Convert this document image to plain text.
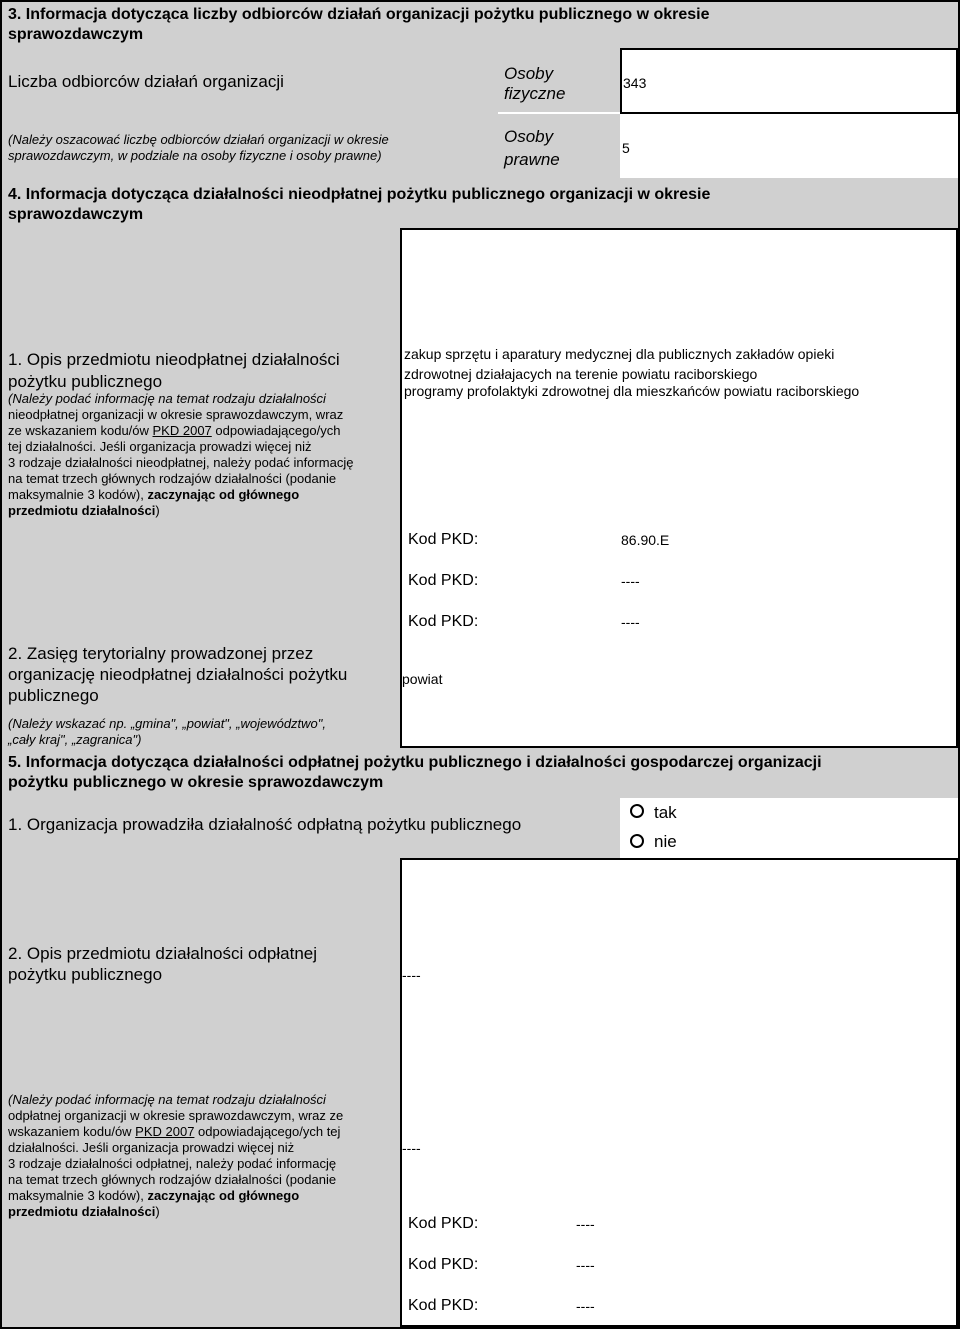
3. Informacja dotycząca liczby odbiorców działań organizacji pożytku publicznego w okresie
sprawozdawczym
Liczba odbiorców działań organizacji
(Należy oszacować liczbę odbiorców działań organizacji w okresie
sprawozdawczym, w podziale na osoby fizyczne i osoby prawne)
Osoby
fizyczne
343
Osoby
prawne
5
4. Informacja dotycząca działalności nieodpłatnej pożytku publicznego organizacji w okresie
sprawozdawczym
1. Opis przedmiotu nieodpłatnej działalności
pożytku publicznego
(Należy podać informację na temat rodzaju działalności
nieodpłatnej organizacji w okresie sprawozdawczym, wraz
ze wskazaniem kodu/ów PKD 2007 odpowiadającego/ych
tej działalności. Jeśli organizacja prowadzi więcej niż
3 rodzaje działalności nieodpłatnej, należy podać informację
na temat trzech głównych rodzajów działalności (podanie
maksymalnie 3 kodów), zaczynając od głównego
przedmiotu działalności)
zakup sprzętu i aparatury medycznej dla publicznych zakładów opieki
zdrowotnej działajacych na terenie powiatu raciborskiego
programy profolaktyki zdrowotnej dla mieszkańców powiatu raciborskiego
Kod PKD:	86.90.E
Kod PKD:	----
Kod PKD:	----
2. Zasięg terytorialny prowadzonej przez
organizację nieodpłatnej działalności pożytku
publicznego
(Należy wskazać np. „gmina", „powiat", „województwo",
„cały kraj", „zagranica")
powiat
5. Informacja dotycząca działalności odpłatnej pożytku publicznego i działalności gospodarczej organizacji
pożytku publicznego w okresie sprawozdawczym
1. Organizacja prowadziła działalność odpłatną pożytku publicznego
tak
nie
2. Opis przedmiotu działalności odpłatnej
pożytku publicznego	----
(Należy podać informację na temat rodzaju działalności
odpłatnej organizacji w okresie sprawozdawczym, wraz ze
wskazaniem kodu/ów PKD 2007 odpowiadającego/ych tej
działalności. Jeśli organizacja prowadzi więcej niż
3 rodzaje działalności odpłatnej, należy podać informację
na temat trzech głównych rodzajów działalności (podanie
maksymalnie 3 kodów), zaczynając od głównego
przedmiotu działalności)
----
Kod PKD:	----
Kod PKD:	----
Kod PKD:	----
